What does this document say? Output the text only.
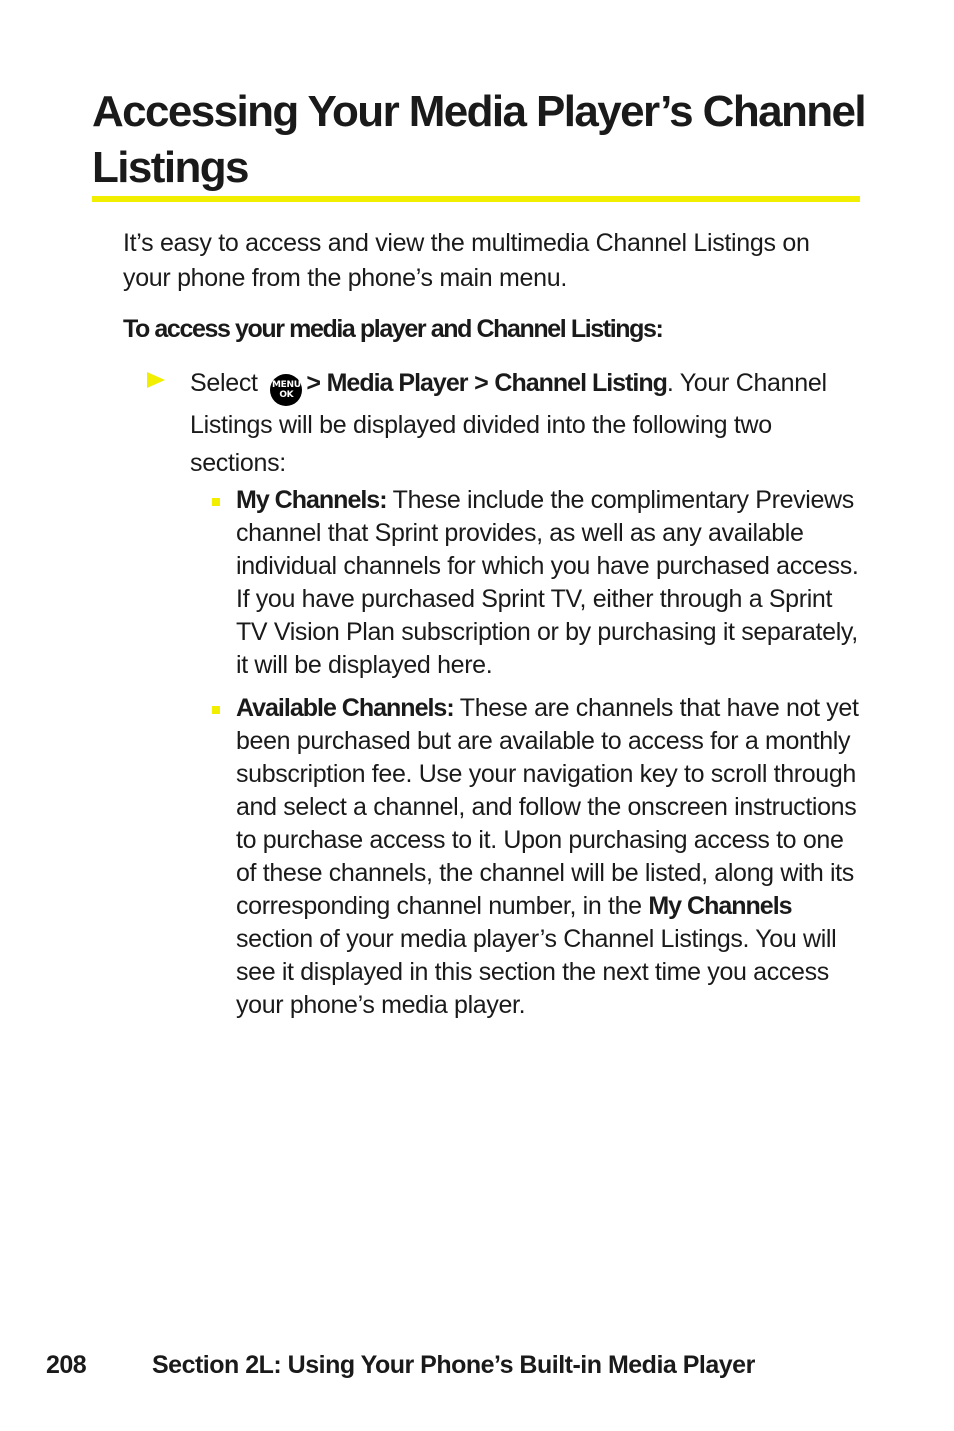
Accessing Your Media Player’s Channel Listings

It’s easy to access and view the multimedia Channel Listings on your phone from the phone’s main menu.

To access your media player and Channel Listings:

Select MENU
OK > Media Player > Channel Listing. Your Channel Listings will be displayed divided into the following two sections:
My Channels: These include the complimentary Previews channel that Sprint provides, as well as any available individual channels for which you have purchased access. If you have purchased Sprint TV, either through a Sprint TV Vision Plan subscription or by purchasing it separately, it will be displayed here.
Available Channels: These are channels that have not yet been purchased but are available to access for a monthly subscription fee. Use your navigation key to scroll through and select a channel, and follow the onscreen instructions to purchase access to it. Upon purchasing access to one of these channels, the channel will be listed, along with its corresponding channel number, in the My Channels section of your media player’s Channel Listings. You will see it displayed in this section the next time you access your phone’s media player.
208	Section 2L: Using Your Phone’s Built-in Media Player
